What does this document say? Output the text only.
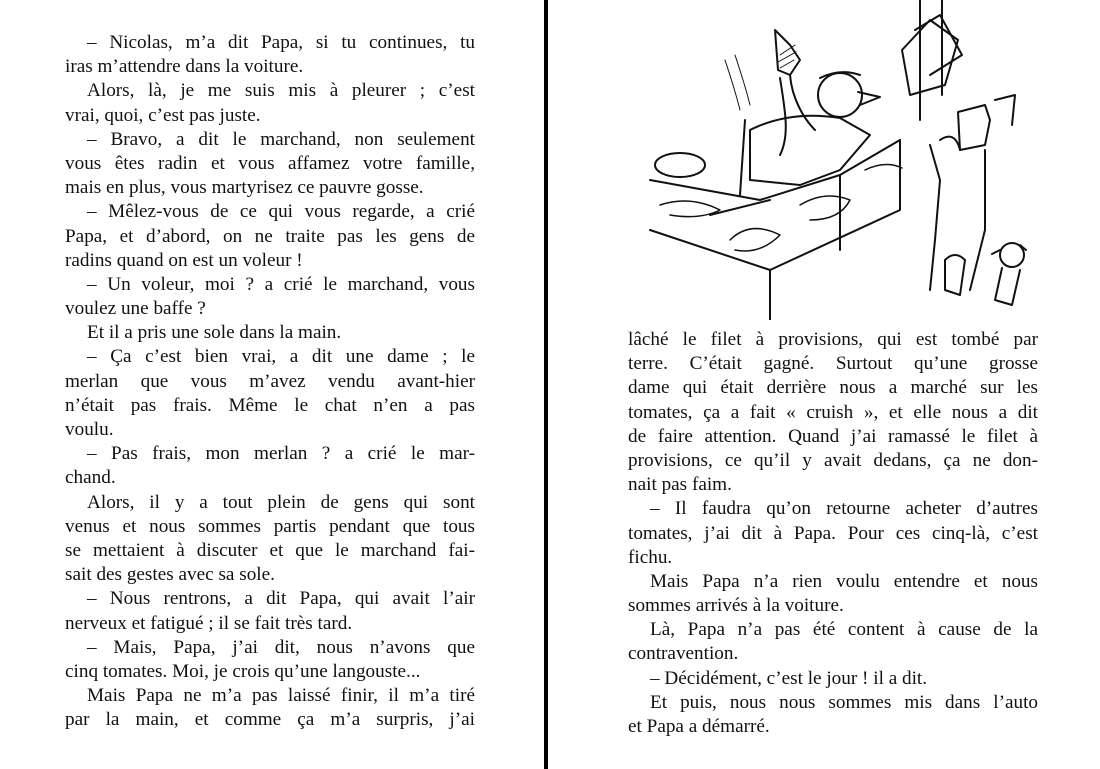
– Nicolas, m’a dit Papa, si tu continues, tu
iras m’attendre dans la voiture.
Alors, là, je me suis mis à pleurer ; c’est
vrai, quoi, c’est pas juste.
– Bravo, a dit le marchand, non seulement
vous êtes radin et vous affamez votre famille,
mais en plus, vous martyrisez ce pauvre gosse.
– Mêlez-vous de ce qui vous regarde, a crié
Papa, et d’abord, on ne traite pas les gens de
radins quand on est un voleur !
– Un voleur, moi ? a crié le marchand, vous
voulez une baffe ?
Et il a pris une sole dans la main.
– Ça c’est bien vrai, a dit une dame ; le
merlan que vous m’avez vendu avant-hier
n’était pas frais. Même le chat n’en a pas
voulu.
– Pas frais, mon merlan ? a crié le mar-
chand.
Alors, il y a tout plein de gens qui sont
venus et nous sommes partis pendant que tous
se mettaient à discuter et que le marchand fai-
sait des gestes avec sa sole.
– Nous rentrons, a dit Papa, qui avait l’air
nerveux et fatigué ; il se fait très tard.
– Mais, Papa, j’ai dit, nous n’avons que
cinq tomates. Moi, je crois qu’une langouste...
Mais Papa ne m’a pas laissé finir, il m’a tiré
par la main, et comme ça m’a surpris, j’ai
lâché le filet à provisions, qui est tombé par
terre. C’était gagné. Surtout qu’une grosse
dame qui était derrière nous a marché sur les
tomates, ça a fait « cruish », et elle nous a dit
de faire attention. Quand j’ai ramassé le filet à
provisions, ce qu’il y avait dedans, ça ne don-
nait pas faim.
– Il faudra qu’on retourne acheter d’autres
tomates, j’ai dit à Papa. Pour ces cinq-là, c’est
fichu.
Mais Papa n’a rien voulu entendre et nous
sommes arrivés à la voiture.
Là, Papa n’a pas été content à cause de la
contravention.
– Décidément, c’est le jour ! il a dit.
Et puis, nous nous sommes mis dans l’auto
et Papa a démarré.
